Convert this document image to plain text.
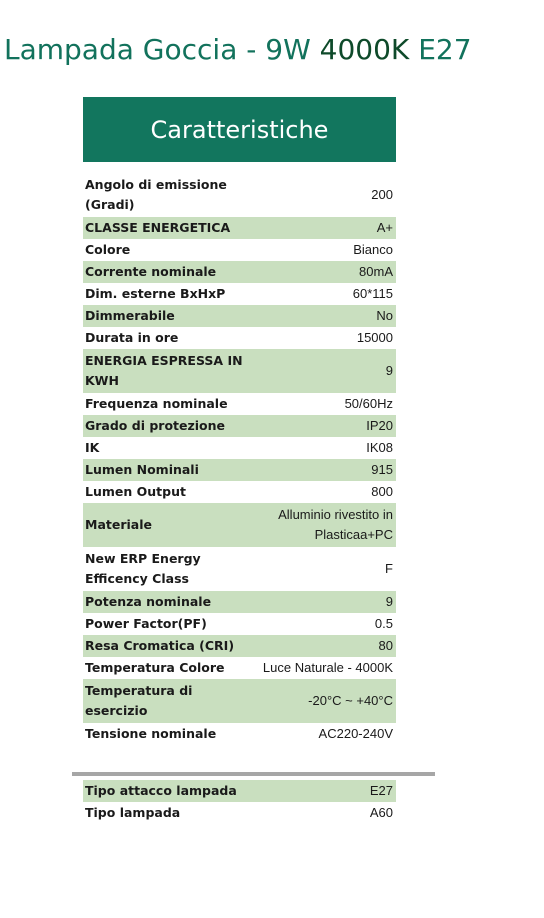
Lampada Goccia - 9W 4000K E27
Caratteristiche
Angolo di emissione (Gradi)	200
CLASSE ENERGETICA	A+
Colore	Bianco
Corrente nominale	80mA
Dim. esterne BxHxP	60*115
Dimmerabile	No
Durata in ore	15000
ENERGIA ESPRESSA IN KWH	9
Frequenza nominale	50/60Hz
Grado di protezione	IP20
IK	IK08
Lumen Nominali	915
Lumen Output	800
Materiale	Alluminio rivestito in Plasticaa+PC
New ERP Energy Efficency Class	F
Potenza nominale	9
Power Factor(PF)	0.5
Resa Cromatica (CRI)	80
Temperatura Colore	Luce Naturale - 4000K
Temperatura di esercizio	-20°C ~ +40°C
Tensione nominale	AC220-240V
Tipo attacco lampada	E27
Tipo lampada	A60
